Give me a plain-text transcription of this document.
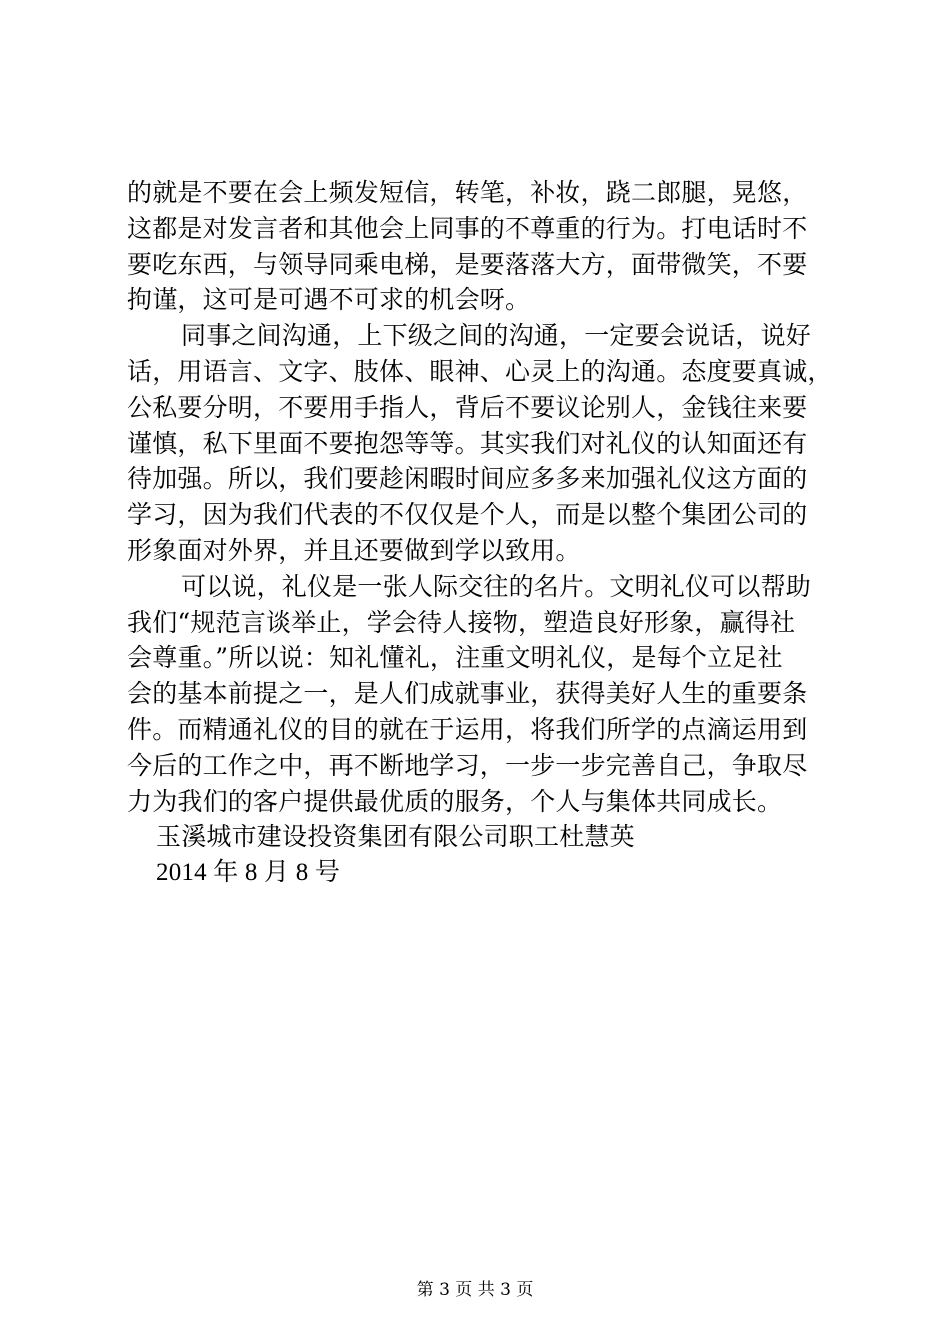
的就是不要在会上频发短信，转笔，补妆，跷二郎腿，晃悠，
这都是对发言者和其他会上同事的不尊重的行为。打电话时不
要吃东西，与领导同乘电梯，是要落落大方，面带微笑，不要
拘谨，这可是可遇不可求的机会呀。
同事之间沟通，上下级之间的沟通，一定要会说话，说好
话，用语言、文字、肢体、眼神、心灵上的沟通。态度要真诚，
公私要分明，不要用手指人，背后不要议论别人，金钱往来要
谨慎，私下里面不要抱怨等等。其实我们对礼仪的认知面还有
待加强。所以，我们要趁闲暇时间应多多来加强礼仪这方面的
学习，因为我们代表的不仅仅是个人，而是以整个集团公司的
形象面对外界，并且还要做到学以致用。
可以说，礼仪是一张人际交往的名片。文明礼仪可以帮助
我们“规范言谈举止，学会待人接物，塑造良好形象，赢得社
会尊重。”所以说：知礼懂礼，注重文明礼仪，是每个立足社
会的基本前提之一，是人们成就事业，获得美好人生的重要条
件。而精通礼仪的目的就在于运用，将我们所学的点滴运用到
今后的工作之中，再不断地学习，一步一步完善自己，争取尽
力为我们的客户提供最优质的服务，个人与集体共同成长。
玉溪城市建设投资集团有限公司职工杜慧英
2014 年 8 月 8 号
第 3 页 共 3 页
